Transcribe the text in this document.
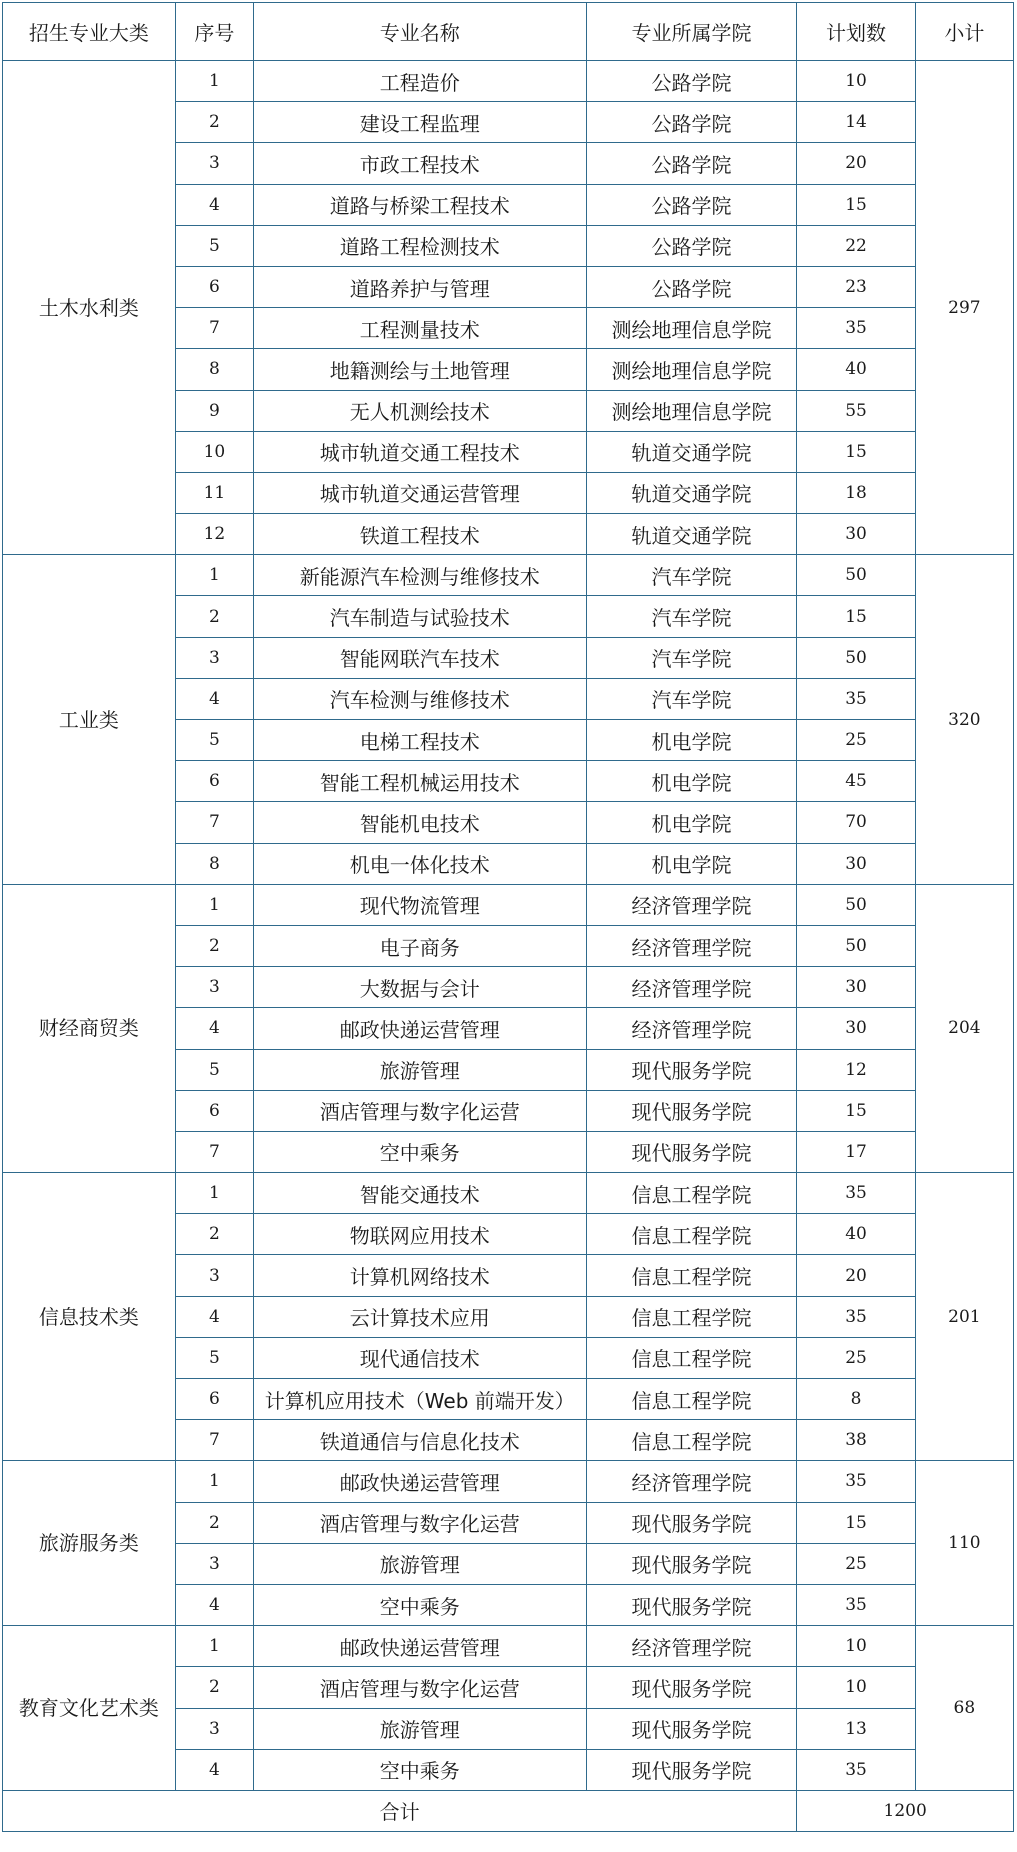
招生专业大类	序号	专业名称	专业所属学院	计划数	小计
土木水利类	1	工程造价	公路学院	10	297
	2	建设工程监理	公路学院	14	
	3	市政工程技术	公路学院	20	
	4	道路与桥梁工程技术	公路学院	15	
	5	道路工程检测技术	公路学院	22	
	6	道路养护与管理	公路学院	23	
	7	工程测量技术	测绘地理信息学院	35	
	8	地籍测绘与土地管理	测绘地理信息学院	40	
	9	无人机测绘技术	测绘地理信息学院	55	
	10	城市轨道交通工程技术	轨道交通学院	15	
	11	城市轨道交通运营管理	轨道交通学院	18	
	12	铁道工程技术	轨道交通学院	30	
工业类	1	新能源汽车检测与维修技术	汽车学院	50	320
	2	汽车制造与试验技术	汽车学院	15	
	3	智能网联汽车技术	汽车学院	50	
	4	汽车检测与维修技术	汽车学院	35	
	5	电梯工程技术	机电学院	25	
	6	智能工程机械运用技术	机电学院	45	
	7	智能机电技术	机电学院	70	
	8	机电一体化技术	机电学院	30	
财经商贸类	1	现代物流管理	经济管理学院	50	204
	2	电子商务	经济管理学院	50	
	3	大数据与会计	经济管理学院	30	
	4	邮政快递运营管理	经济管理学院	30	
	5	旅游管理	现代服务学院	12	
	6	酒店管理与数字化运营	现代服务学院	15	
	7	空中乘务	现代服务学院	17	
信息技术类	1	智能交通技术	信息工程学院	35	201
	2	物联网应用技术	信息工程学院	40	
	3	计算机网络技术	信息工程学院	20	
	4	云计算技术应用	信息工程学院	35	
	5	现代通信技术	信息工程学院	25	
	6	计算机应用技术（Web 前端开发）	信息工程学院	8	
	7	铁道通信与信息化技术	信息工程学院	38	
旅游服务类	1	邮政快递运营管理	经济管理学院	35	110
	2	酒店管理与数字化运营	现代服务学院	15	
	3	旅游管理	现代服务学院	25	
	4	空中乘务	现代服务学院	35	
教育文化艺术类	1	邮政快递运营管理	经济管理学院	10	68
	2	酒店管理与数字化运营	现代服务学院	10	
	3	旅游管理	现代服务学院	13	
	4	空中乘务	现代服务学院	35	
合计				1200	
